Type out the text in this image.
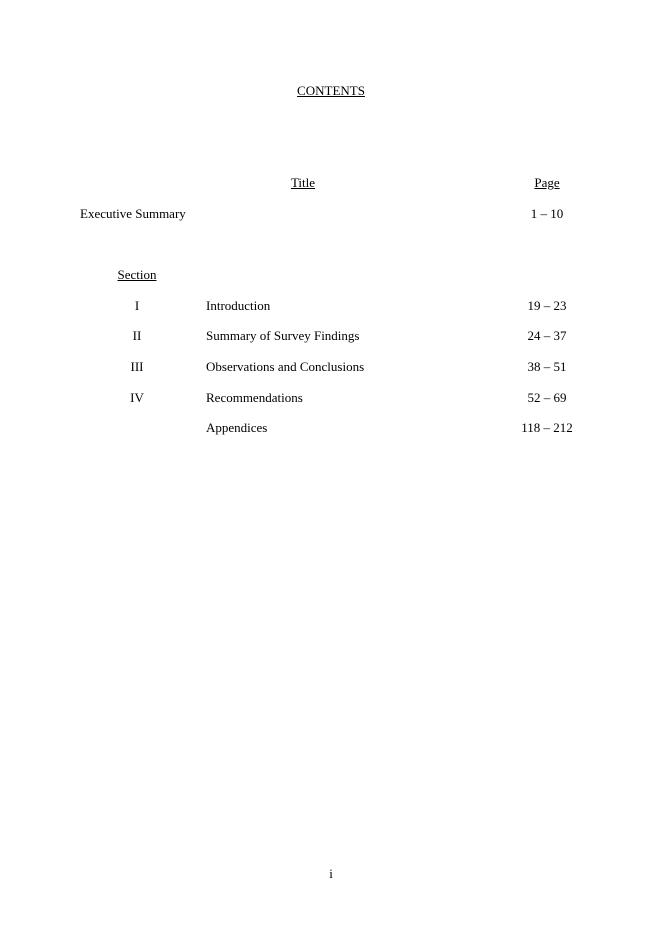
CONTENTS
Title	Page
Executive Summary	1 – 10
Section
I	Introduction	19 – 23
II	Summary of Survey Findings	24 – 37
III	Observations and Conclusions	38 – 51
IV	Recommendations	52 – 69
Appendices	118 – 212
i
